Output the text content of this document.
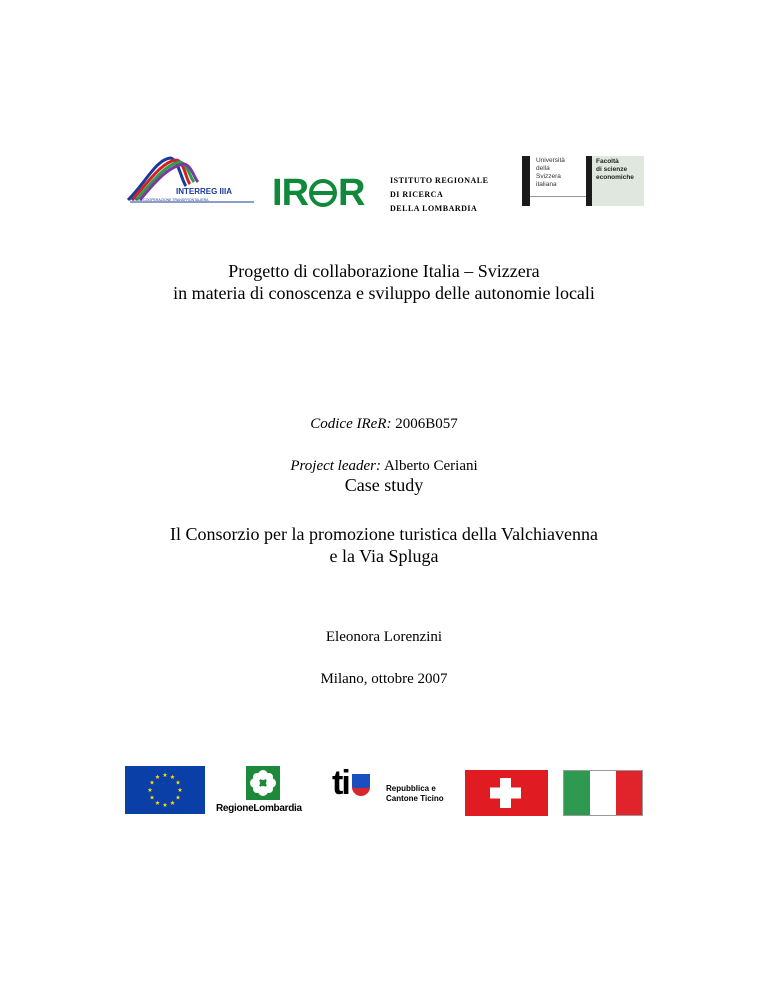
INTERREG IIIA
PER LA COOPERAZIONE TRANSFRONTALIERA IR R	ISTITUTO REGIONALE
DI RICERCA
DELLA LOMBARDIA
Università
della
Svizzera
italiana
Facoltà
di scienze
economiche
Progetto di collaborazione Italia – Svizzera
in materia di conoscenza e sviluppo delle autonomie locali
Codice IReR: 2006B057
Project leader: Alberto Ceriani
Case study
Il Consorzio per la promozione turistica della Valchiavenna
e la Via Spluga
Eleonora Lorenzini
Milano, ottobre 2007
RegioneLombardia
ti	Repubblica e
Cantone Ticino
